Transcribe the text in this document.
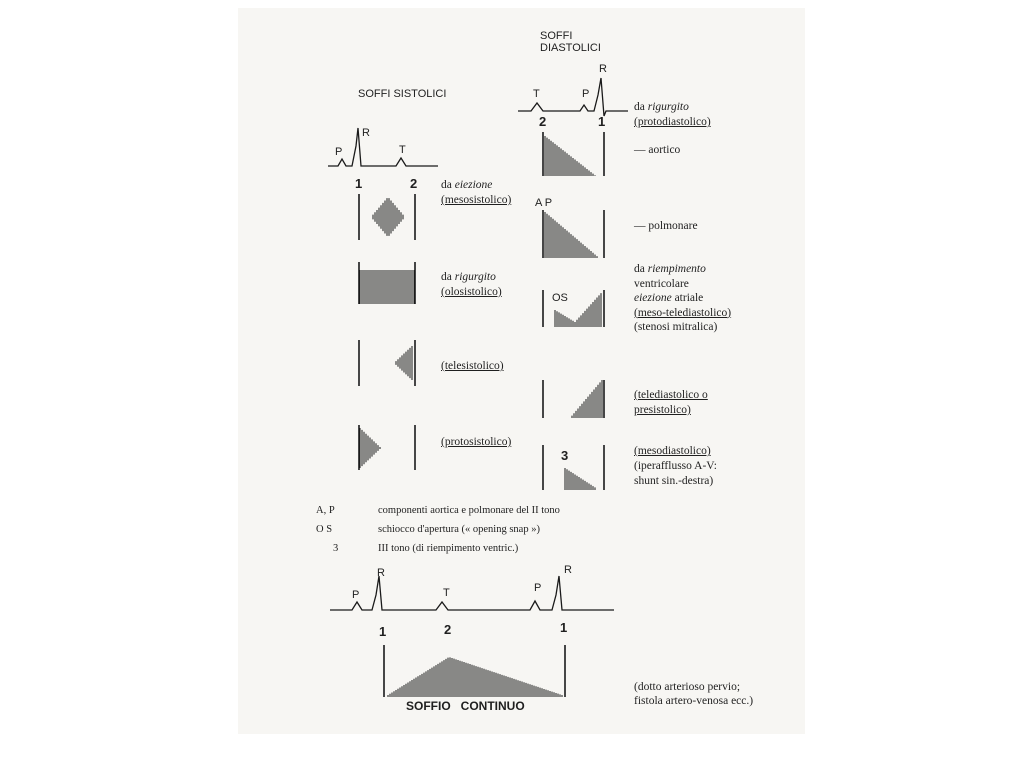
SOFFI SISTOLICI
SOFFI DIASTOLICI
P
R
T
T	P
R
A P
OS
P
R
T	P
R
1	2
2	1
3
1	2	1
da eiezione
(mesosistolico)
da rigurgito
(olosistolico)
(telesistolico)
(protosistolico)
da rigurgito
(protodiastolico)
— aortico
— polmonare
da riempimento
ventricolare
eiezione atriale
(meso-telediastolico)
(stenosi mitralica)
(telediastolico o
presistolico)
(mesodiastolico)
(iperafflusso A-V:
shunt sin.-destra)
A, P	componenti aortica e polmonare del II tono
O S	schiocco d'apertura (« opening snap »)
3	III tono (di riempimento ventric.)
SOFFIO   CONTINUO
(dotto arterioso pervio;
fistola artero-venosa ecc.)
